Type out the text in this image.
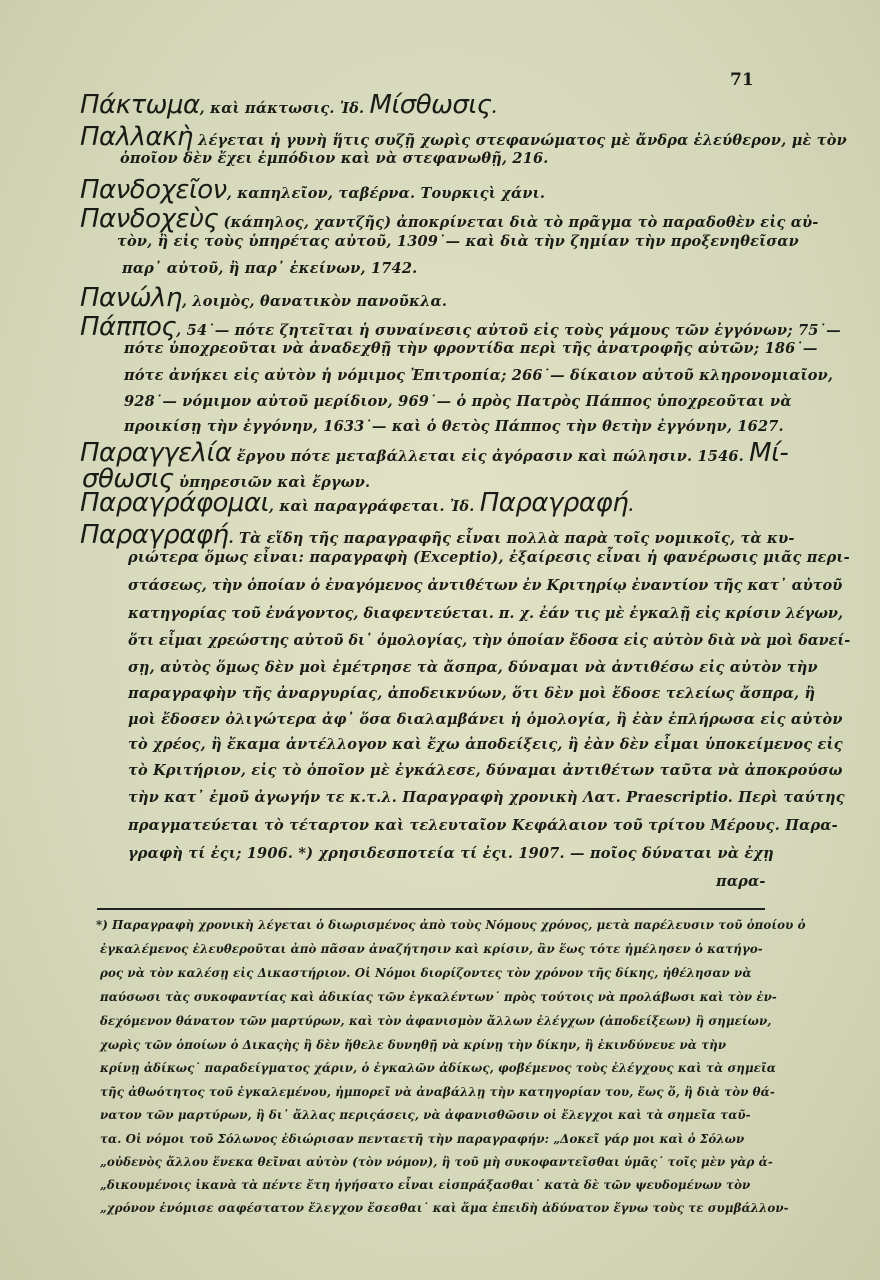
71
Πάκτωμα, καὶ πάκτωσις. Ἰδ. Μίσθωσις.
Παλλακὴ λέγεται ἡ γυνὴ ἥτις συζῇ χωρὶς στεφανώματος μὲ ἄνδρα ἐλεύθερον, μὲ τὸν
ὁποῖον δὲν ἔχει ἐμπόδιον καὶ νὰ στεφανωθῇ, 216.
Πανδοχεῖον, καπηλεῖον, ταβέρνα. Τουρκιςὶ χάνι.
Πανδοχεὺς (κάπηλος, χαντζῆς) ἀποκρίνεται διὰ τὸ πρᾶγμα τὸ παραδοθὲν εἰς αὐ-
τὸν, ἢ εἰς τοὺς ὑπηρέτας αὐτοῦ, 1309˙— καὶ διὰ τὴν ζημίαν τὴν προξενηθεῖσαν
παρ᾽ αὐτοῦ, ἢ παρ᾽ ἐκείνων, 1742.
Πανώλη, λοιμὸς, θανατικὸν πανοῦκλα.
Πάππος, 54˙— πότε ζητεῖται ἡ συναίνεσις αὐτοῦ εἰς τοὺς γάμους τῶν ἐγγόνων; 75˙—
πότε ὑποχρεοῦται νὰ ἀναδεχθῇ τὴν φροντίδα περὶ τῆς ἀνατροφῆς αὐτῶν; 186˙—
πότε ἀνήκει εἰς αὐτὸν ἡ νόμιμος Ἐπιτροπία; 266˙— δίκαιον αὐτοῦ κληρονομιαῖον,
928˙— νόμιμον αὐτοῦ μερίδιον, 969˙— ὁ πρὸς Πατρὸς Πάππος ὑποχρεοῦται νὰ
προικίσῃ τὴν ἐγγόνην, 1633˙— καὶ ὁ θετὸς Πάππος τὴν θετὴν ἐγγόνην, 1627.
Παραγγελία ἔργου πότε μεταβάλλεται εἰς ἀγόρασιν καὶ πώλησιν. 1546. Μί-
σθωσις ὑπηρεσιῶν καὶ ἔργων.
Παραγράφομαι, καὶ παραγράφεται. Ἰδ. Παραγραφή.
Παραγραφή. Τὰ εἴδη τῆς παραγραφῆς εἶναι πολλὰ παρὰ τοῖς νομικοῖς, τὰ κυ-
ριώτερα ὅμως εἶναι: παραγραφὴ (Exceptio), ἐξαίρεσις εἶναι ἡ φανέρωσις μιᾶς περι-
στάσεως, τὴν ὁποίαν ὁ ἐναγόμενος ἀντιθέτων ἐν Κριτηρίῳ ἐναντίον τῆς κατ᾽ αὐτοῦ
κατηγορίας τοῦ ἐνάγοντος, διαφεντεύεται. π. χ. ἐάν τις μὲ ἐγκαλῇ εἰς κρίσιν λέγων,
ὅτι εἶμαι χρεώστης αὐτοῦ δι᾽ ὁμολογίας, τὴν ὁποίαν ἔδοσα εἰς αὐτὸν διὰ νὰ μοὶ δανεί-
σῃ, αὐτὸς ὅμως δὲν μοὶ ἐμέτρησε τὰ ἄσπρα, δύναμαι νὰ ἀντιθέσω εἰς αὐτὸν τὴν
παραγραφὴν τῆς ἀναργυρίας, ἀποδεικνύων, ὅτι δὲν μοὶ ἔδοσε τελείως ἄσπρα, ἢ
μοὶ ἔδοσεν ὀλιγώτερα ἀφ᾽ ὅσα διαλαμβάνει ἡ ὁμολογία, ἢ ἐὰν ἐπλήρωσα εἰς αὐτὸν
τὸ χρέος, ἢ ἔκαμα ἀντέλλογον καὶ ἔχω ἀποδείξεις, ἢ ἐὰν δὲν εἶμαι ὑποκείμενος εἰς
τὸ Κριτήριον, εἰς τὸ ὁποῖον μὲ ἐγκάλεσε, δύναμαι ἀντιθέτων ταῦτα νὰ ἀποκρούσω
τὴν κατ᾽ ἐμοῦ ἀγωγήν τε κ.τ.λ. Παραγραφὴ χρονικὴ Λατ. Praescriptio. Περὶ ταύτης
πραγματεύεται τὸ τέταρτον καὶ τελευταῖον Κεφάλαιον τοῦ τρίτου Μέρους. Παρα-
γραφὴ τί ἐςι; 1906. *) χρησιδεσποτεία τί ἐςι. 1907. — ποῖος δύναται νὰ ἐχῃ
παρα-
*) Παραγραφὴ χρονικὴ λέγεται ὁ διωρισμένος ἀπὸ τοὺς Νόμους χρόνος, μετὰ παρέλευσιν τοῦ ὁποίου ὁ
ἐγκαλέμενος ἐλευθεροῦται ἀπὸ πᾶσαν ἀναζήτησιν καὶ κρίσιν, ἂν ἕως τότε ἠμέλησεν ὁ κατήγο-
ρος νὰ τὸν καλέσῃ εἰς Δικαστήριον. Οἱ Νόμοι διορίζοντες τὸν χρόνον τῆς δίκης, ἠθέλησαν νὰ
παύσωσι τὰς συκοφαντίας καὶ ἀδικίας τῶν ἐγκαλέντων˙ πρὸς τούτοις νὰ προλάβωσι καὶ τὸν ἐν-
δεχόμενον θάνατον τῶν μαρτύρων, καὶ τὸν ἀφανισμὸν ἄλλων ἐλέγχων (ἀποδείξεων) ἢ σημείων,
χωρὶς τῶν ὁποίων ὁ Δικαςὴς ἢ δὲν ἤθελε δυνηθῇ νὰ κρίνῃ τὴν δίκην, ἢ ἐκινδύνευε νὰ τὴν
κρίνῃ ἀδίκως˙ παραδείγματος χάριν, ὁ ἐγκαλῶν ἀδίκως, φοβέμενος τοὺς ἐλέγχους καὶ τὰ σημεῖα
τῆς ἀθωότητος τοῦ ἐγκαλεμένου, ἠμπορεῖ νὰ ἀναβάλλῃ τὴν κατηγορίαν του, ἕως ὅ, ἢ διὰ τὸν θά-
νατον τῶν μαρτύρων, ἢ δι᾽ ἄλλας περιςάσεις, νὰ ἀφανισθῶσιν οἱ ἔλεγχοι καὶ τὰ σημεῖα ταῦ-
τα. Οἱ νόμοι τοῦ Σόλωνος ἐδιώρισαν πενταετῆ τὴν παραγραφήν: „Δοκεῖ γάρ μοι καὶ ὁ Σόλων
„οὐδενὸς ἄλλου ἕνεκα θεῖναι αὐτὸν (τὸν νόμον), ἢ τοῦ μὴ συκοφαντεῖσθαι ὑμᾶς˙ τοῖς μὲν γὰρ ἀ-
„δικουμένοις ἱκανὰ τὰ πέντε ἔτη ἡγήσατο εἶναι εἰσπράξασθαι˙ κατὰ δὲ τῶν ψευδομένων τὸν
„χρόνον ἐνόμισε σαφέστατον ἔλεγχον ἔσεσθαι˙ καὶ ἅμα ἐπειδὴ ἀδύνατον ἔγνω τοὺς τε συμβάλλον-
